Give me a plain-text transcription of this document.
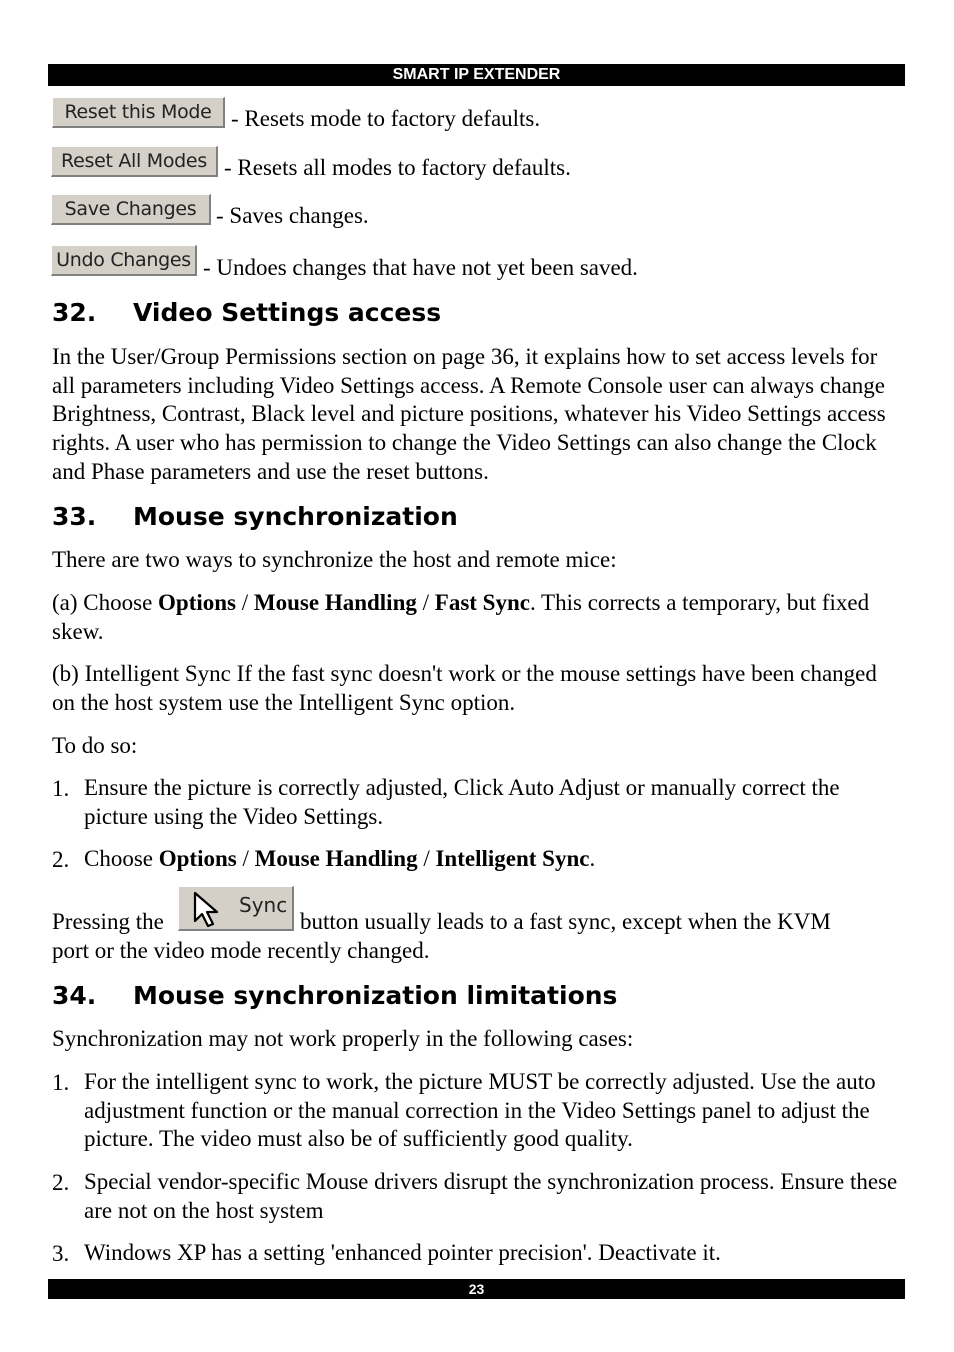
SMART IP EXTENDER
Reset this Mode - Resets mode to factory defaults.
Reset All Modes - Resets all modes to factory defaults.
Save Changes - Saves changes.
Undo Changes - Undoes changes that have not yet been saved.
32. Video Settings access
In the User/Group Permissions section on page 36, it explains how to set access levels for all parameters including Video Settings access. A Remote Console user can always change Brightness, Contrast, Black level and picture positions, whatever his Video Settings access rights. A user who has permission to change the Video Settings can also change the Clock and Phase parameters and use the reset buttons.
33. Mouse synchronization
There are two ways to synchronize the host and remote mice:
(a) Choose Options / Mouse Handling / Fast Sync. This corrects a temporary, but fixed skew.
(b) Intelligent Sync If the fast sync doesn't work or the mouse settings have been changed on the host system use the Intelligent Sync option.
To do so:
1. Ensure the picture is correctly adjusted, Click Auto Adjust or manually correct the picture using the Video Settings.
2. Choose Options / Mouse Handling / Intelligent Sync.
Pressing the
Sync
button usually leads to a fast sync, except when the KVM
port or the video mode recently changed.
34. Mouse synchronization limitations
Synchronization may not work properly in the following cases:
1. For the intelligent sync to work, the picture MUST be correctly adjusted. Use the auto adjustment function or the manual correction in the Video Settings panel to adjust the picture. The video must also be of sufficiently good quality.
2. Special vendor-specific Mouse drivers disrupt the synchronization process. Ensure these are not on the host system
3. Windows XP has a setting 'enhanced pointer precision'. Deactivate it.
23
